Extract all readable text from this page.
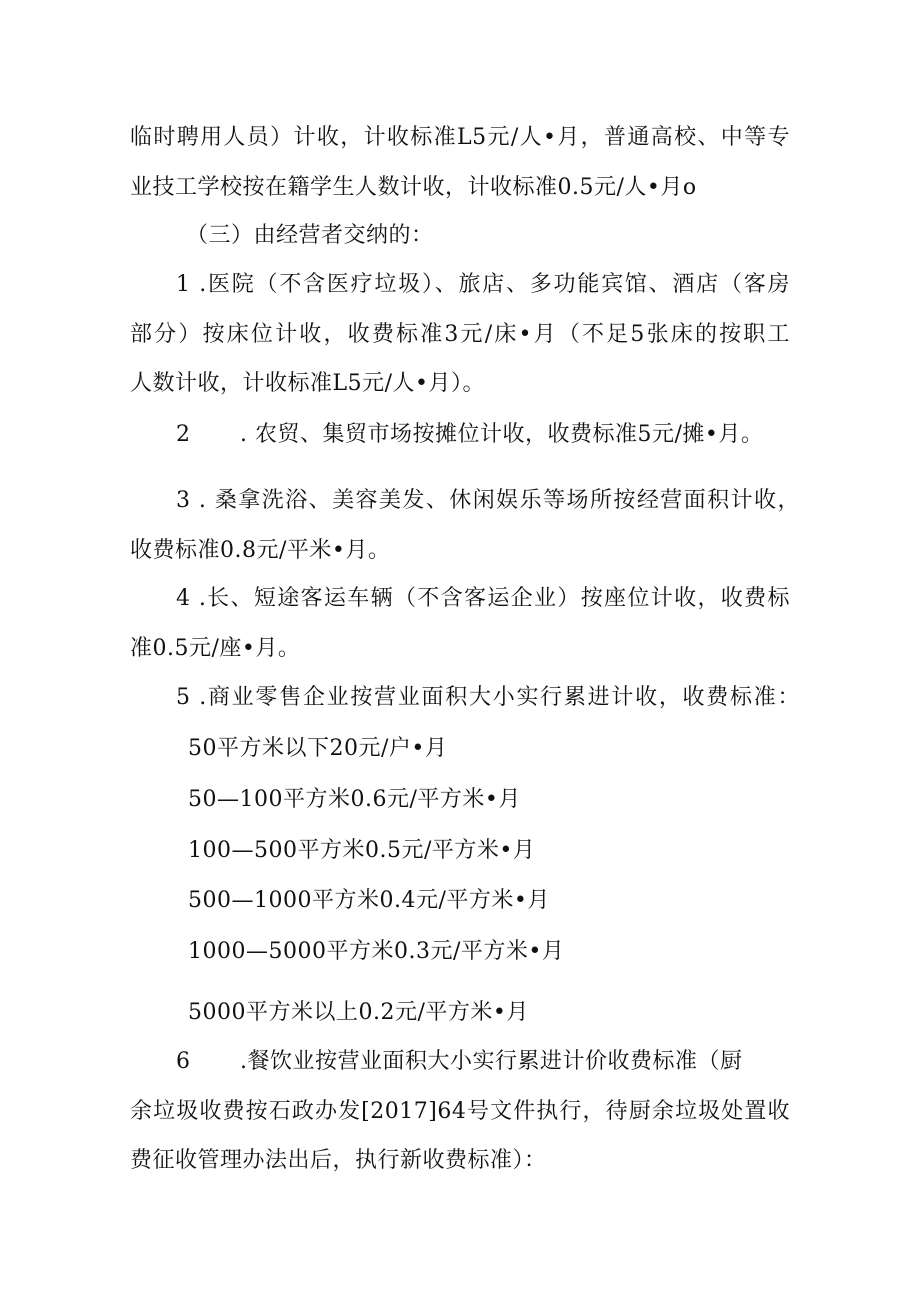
临时聘用人员）计收，计收标准L5元/人•月，普通高校、中等专
业技工学校按在籍学生人数计收，计收标准0.5元/人•月o
（三）由经营者交纳的：
1 .医院（不含医疗垃圾）、旅店、多功能宾馆、酒店（客房
部分）按床位计收，收费标准3元/床•月（不足5张床的按职工
人数计收，计收标准L5元/人•月）。
2 . 农贸、集贸市场按摊位计收，收费标准5元/摊•月。
3 . 桑拿洗浴、美容美发、休闲娱乐等场所按经营面积计收，
收费标准0.8元/平米•月。
4 .长、短途客运车辆（不含客运企业）按座位计收，收费标
准0.5元/座•月。
5 .商业零售企业按营业面积大小实行累进计收，收费标准：
50平方米以下20元/户•月
50—100平方米0.6元/平方米•月
100—500平方米0.5元/平方米•月
500—1000平方米0.4元/平方米•月
1000—5000平方米0.3元/平方米•月
5000平方米以上0.2元/平方米•月
6 .餐饮业按营业面积大小实行累进计价收费标准（厨
余垃圾收费按石政办发[2017]64号文件执行，待厨余垃圾处置收
费征收管理办法出后，执行新收费标准）：
